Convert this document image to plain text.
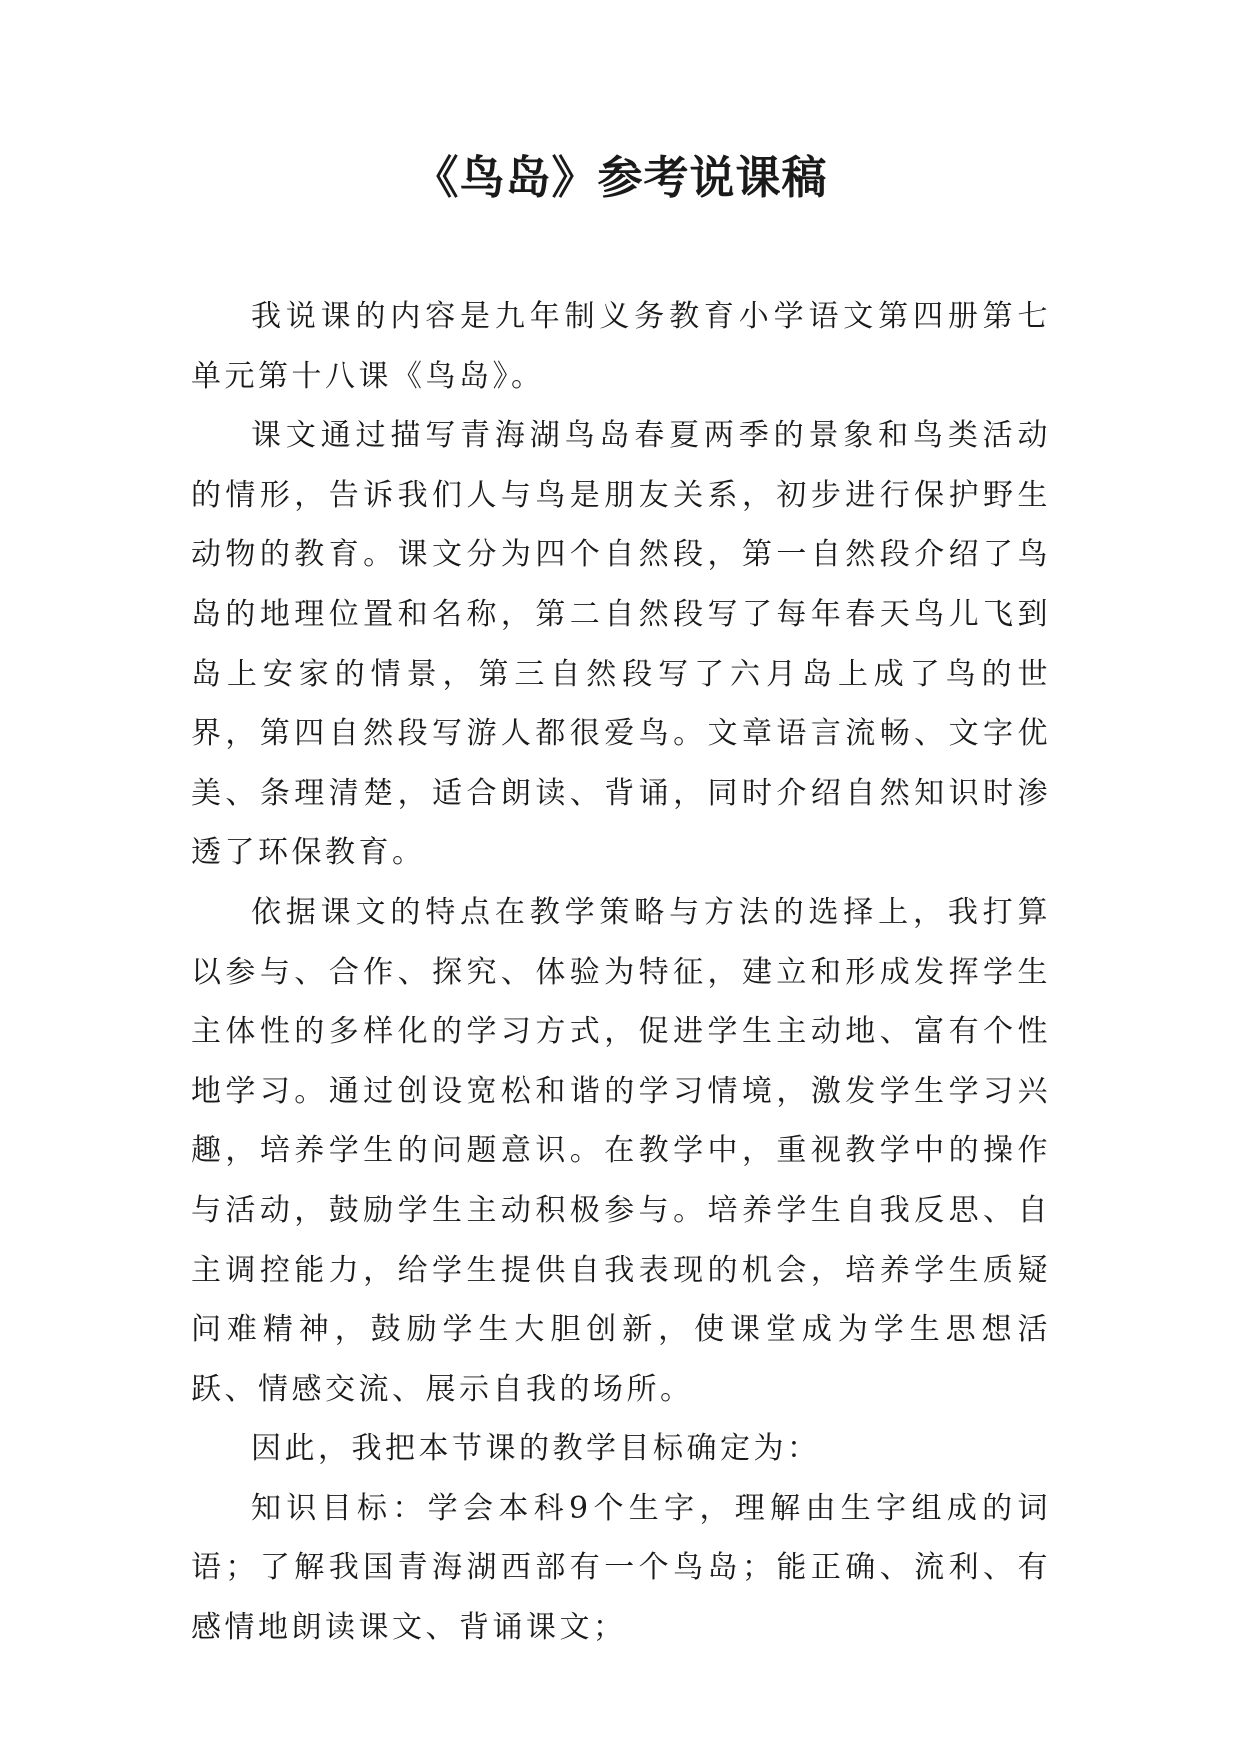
《鸟岛》参考说课稿

我说课的内容是九年制义务教育小学语文第四册第七单元第十八课《鸟岛》。

课文通过描写青海湖鸟岛春夏两季的景象和鸟类活动的情形，告诉我们人与鸟是朋友关系，初步进行保护野生动物的教育。课文分为四个自然段，第一自然段介绍了鸟岛的地理位置和名称，第二自然段写了每年春天鸟儿飞到岛上安家的情景，第三自然段写了六月岛上成了鸟的世界，第四自然段写游人都很爱鸟。文章语言流畅、文字优美、条理清楚，适合朗读、背诵，同时介绍自然知识时渗透了环保教育。

依据课文的特点在教学策略与方法的选择上，我打算以参与、合作、探究、体验为特征，建立和形成发挥学生主体性的多样化的学习方式，促进学生主动地、富有个性地学习。通过创设宽松和谐的学习情境，激发学生学习兴趣，培养学生的问题意识。在教学中，重视教学中的操作与活动，鼓励学生主动积极参与。培养学生自我反思、自主调控能力，给学生提供自我表现的机会，培养学生质疑问难精神，鼓励学生大胆创新，使课堂成为学生思想活跃、情感交流、展示自我的场所。

因此，我把本节课的教学目标确定为：

知识目标：学会本科9个生字，理解由生字组成的词语；了解我国青海湖西部有一个鸟岛；能正确、流利、有感情地朗读课文、背诵课文；
